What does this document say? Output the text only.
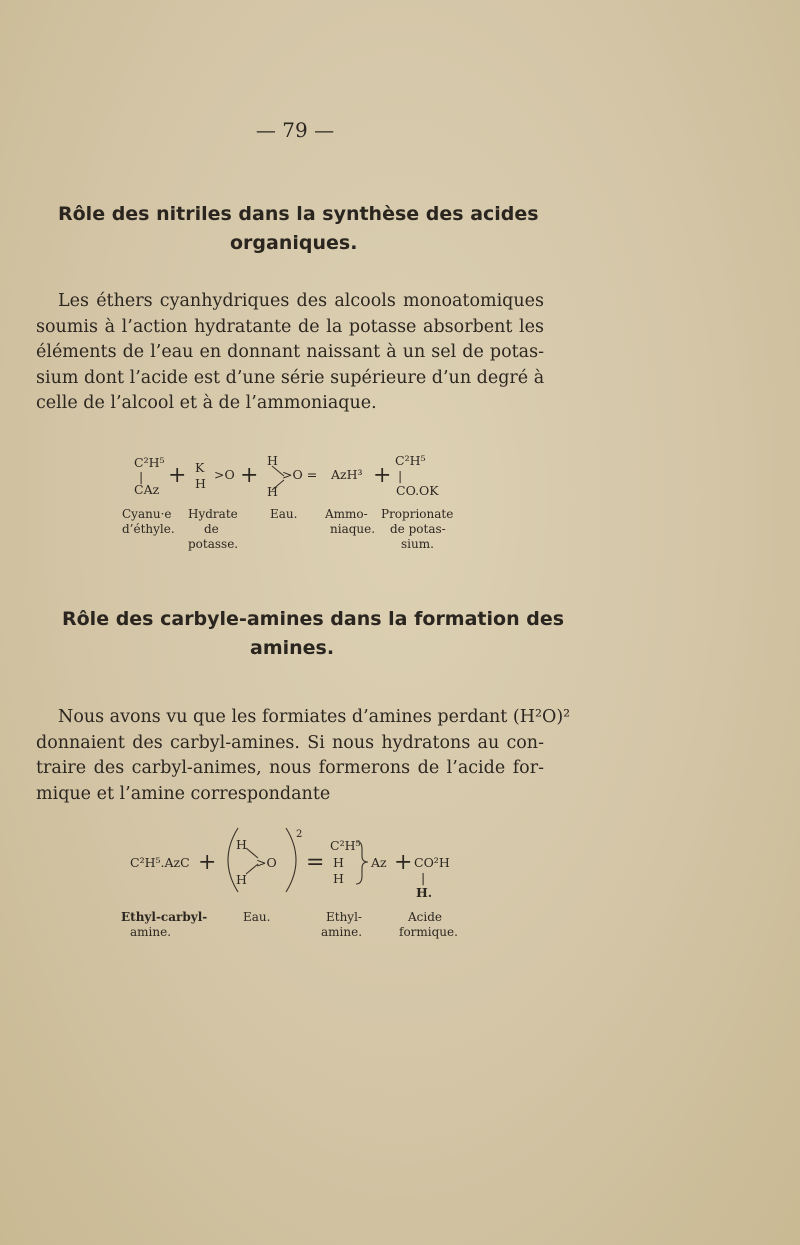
— 79 —
Rôle des nitriles dans la synthèse des acides
organiques.
Les éthers cyanhydriques des alcools monoatomiques
soumis à l’action hydratante de la potasse absorbent les
éléments de l’eau en donnant naissant à un sel de potas-
sium dont l’acide est d’une série supérieure d’un degré à
celle de l’alcool et à de l’ammoniaque.
C²H⁵
|
CAz
+ K
H
>O +
H
H
>O = AzH³ +
C²H⁵
|
CO.OK
Cyanu·e
d’éthyle.
Hydrate
de
potasse.
Eau. Ammo-
niaque.
Proprionate
de potas-
sium.
Rôle des carbyle-amines dans la formation des
amines.
Nous avons vu que les formiates d’amines perdant (H²O)²
donnaient des carbyl-amines. Si nous hydratons au con-
traire des carbyl-animes, nous formerons de l’acide for-
mique et l’amine correspondante
C²H⁵.AzC +
H
H
>O
2
=
C²H⁵
H
H
Az + CO²H
|
H.
Ethyl-carbyl-
amine.
Eau.	Ethyl-
amine.
Acide
formique.
